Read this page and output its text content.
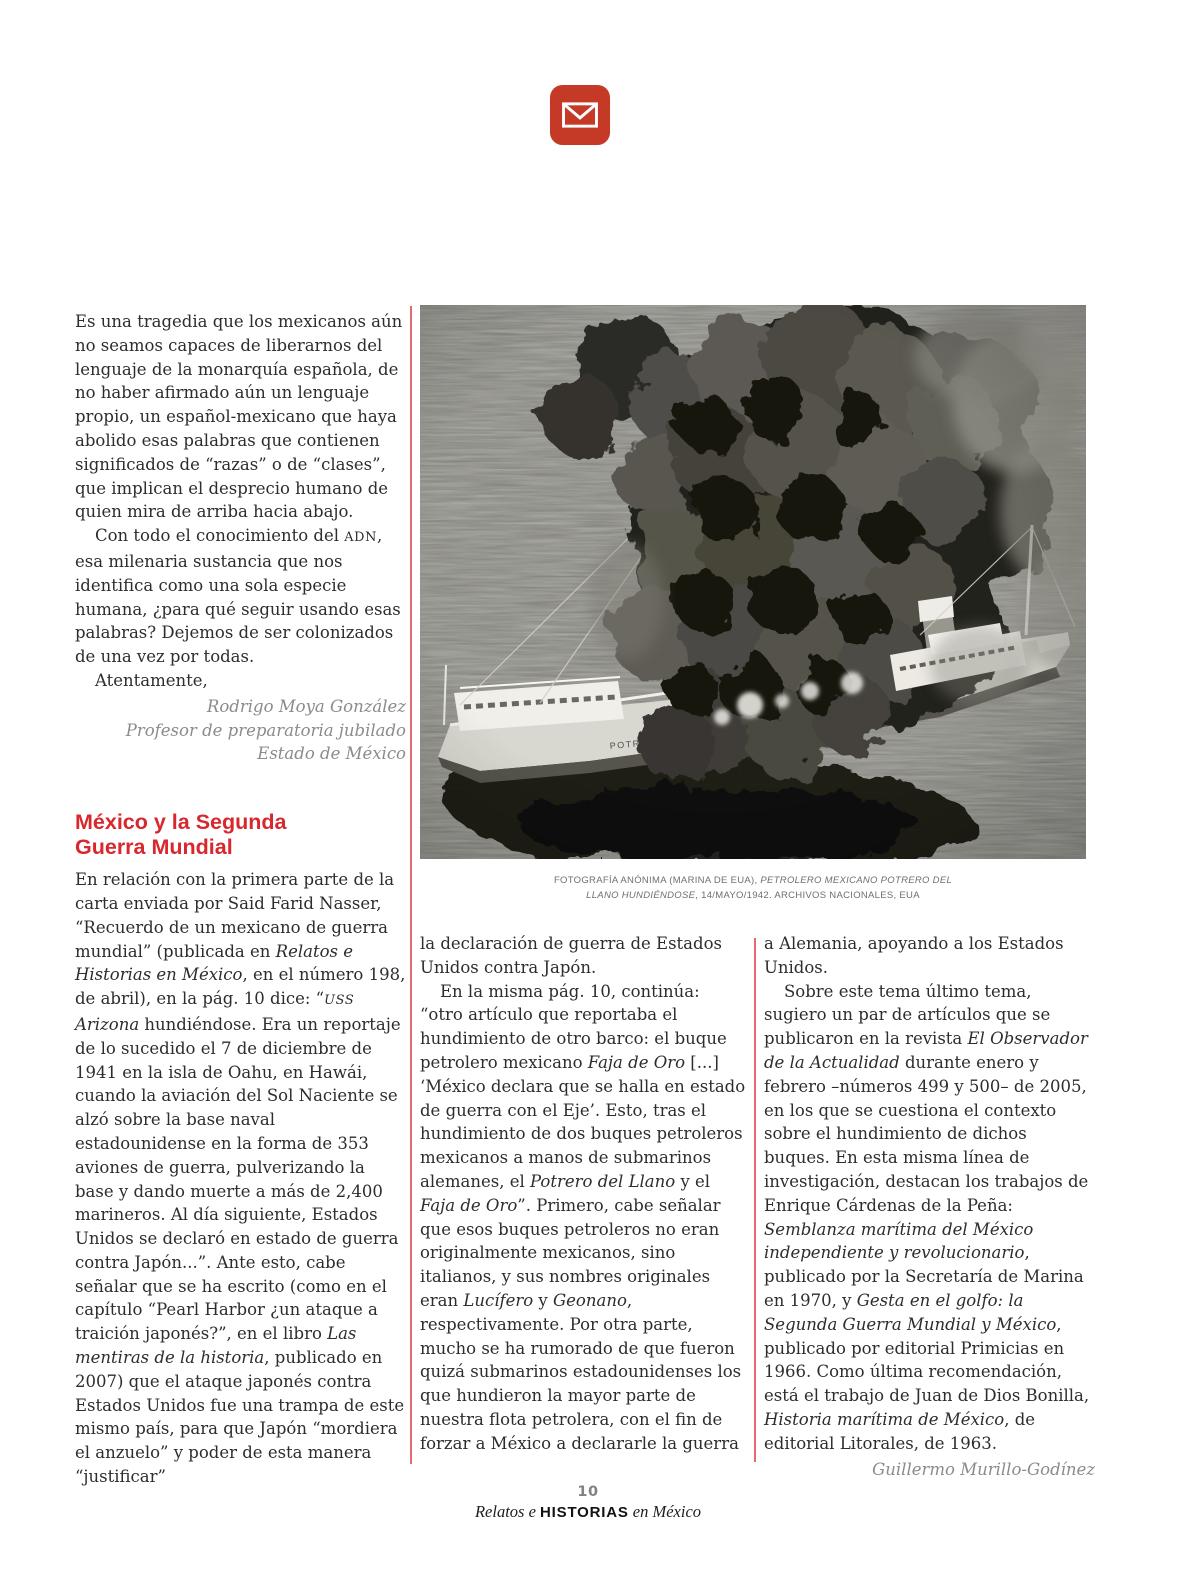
Es una tragedia que los mexicanos aún no seamos capaces de liberarnos del lenguaje de la monarquía española, de no haber afirmado aún un lenguaje propio, un español-mexicano que haya abolido esas palabras que contienen significados de “razas” o de “clases”, que implican el desprecio humano de quien mira de arriba hacia abajo.

Con todo el conocimiento del ADN, esa milenaria sustancia que nos identifica como una sola especie humana, ¿para qué seguir usando esas palabras? Dejemos de ser colonizados de una vez por todas.

Atentamente,

Rodrigo Moya González
Profesor de preparatoria jubilado
Estado de México
México y la Segunda
Guerra Mundial

En relación con la primera parte de la carta enviada por Said Farid Nasser, “Recuerdo de un mexicano de guerra mundial” (publicada en Relatos e Historias en México, en el número 198, de abril), en la pág. 10 dice: “USS Arizona hundiéndose. Era un reportaje de lo sucedido el 7 de diciembre de 1941 en la isla de Oahu, en Hawái, cuando la aviación del Sol Naciente se alzó sobre la base naval estadounidense en la forma de 353 aviones de guerra, pulverizando la base y dando muerte a más de 2,400 marineros. Al día siguiente, Estados Unidos se declaró en estado de guerra contra Japón...”. Ante esto, cabe señalar que se ha escrito (como en el capítulo “Pearl Harbor ¿un ataque a traición japonés?”, en el libro Las mentiras de la historia, publicado en 2007) que el ataque japonés contra Estados Unidos fue una trampa de este mismo país, para que Japón “mordiera el anzuelo” y poder de esta manera “justificar”

FOTOGRAFÍA ANÓNIMA (MARINA DE EUA), PETROLERO MEXICANO POTRERO DEL LLANO HUNDIÉNDOSE, 14/MAYO/1942. ARCHIVOS NACIONALES, EUA

la declaración de guerra de Estados Unidos contra Japón.

En la misma pág. 10, continúa: “otro artículo que reportaba el hundimiento de otro barco: el buque petrolero mexicano Faja de Oro [...] ‘México declara que se halla en estado de guerra con el Eje’. Esto, tras el hundimiento de dos buques petroleros mexicanos a manos de submarinos alemanes, el Potrero del Llano y el Faja de Oro”. Primero, cabe señalar que esos buques petroleros no eran originalmente mexicanos, sino italianos, y sus nombres originales eran Lucífero y Geonano, respectivamente. Por otra parte, mucho se ha rumorado de que fueron quizá submarinos estadounidenses los que hundieron la mayor parte de nuestra flota petrolera, con el fin de forzar a México a declararle la guerra

a Alemania, apoyando a los Estados Unidos.

Sobre este tema último tema, sugiero un par de artículos que se publicaron en la revista El Observador de la Actualidad durante enero y febrero –números 499 y 500– de 2005, en los que se cuestiona el contexto sobre el hundimiento de dichos buques. En esta misma línea de investigación, destacan los trabajos de Enrique Cárdenas de la Peña: Semblanza marítima del México independiente y revolucionario, publicado por la Secretaría de Marina en 1970, y Gesta en el golfo: la Segunda Guerra Mundial y México, publicado por editorial Primicias en 1966. Como última recomendación, está el trabajo de Juan de Dios Bonilla, Historia marítima de México, de editorial Litorales, de 1963.

Guillermo Murillo-Godínez
10
Relatos e HISTORIAS en México
